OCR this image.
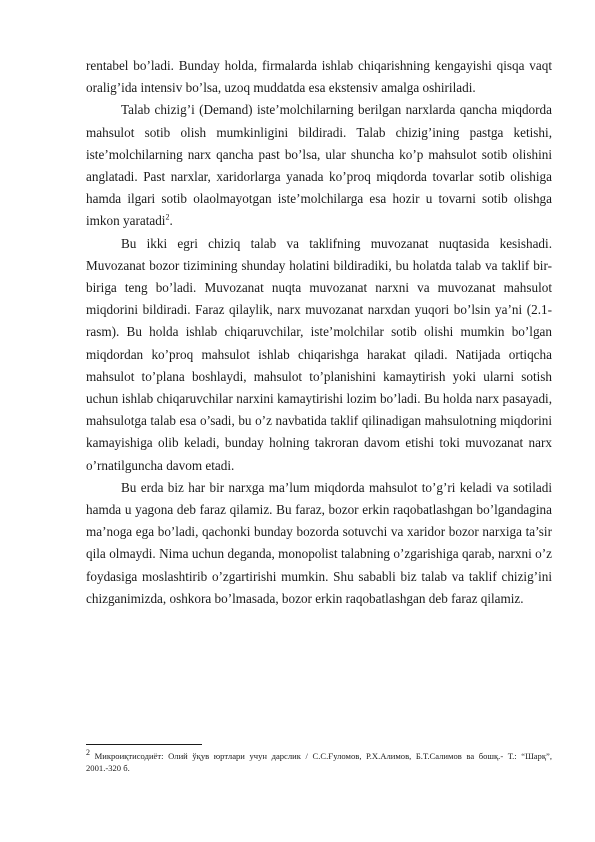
rentabel bo’ladi. Bunday holda, firmalarda ishlab chiqarishning kengayishi qisqa vaqt oralig’ida intensiv bo’lsa, uzoq muddatda esa ekstensiv amalga oshiriladi.

Talab chizig’i (Demand) iste’molchilarning berilgan narxlarda qancha miqdorda mahsulot sotib olish mumkinligini bildiradi. Talab chizig’ining pastga ketishi, iste’molchilarning narx qancha past bo’lsa, ular shuncha ko’p mahsulot sotib olishini anglatadi. Past narxlar, xaridorlarga yanada ko’proq miqdorda tovarlar sotib olishiga hamda ilgari sotib olaolmayotgan iste’molchilarga esa hozir u tovarni sotib olishga imkon yaratadi$^2$.

Bu ikki egri chiziq talab va taklifning muvozanat nuqtasida kesishadi. Muvozanat bozor tizimining shunday holatini bildiradiki, bu holatda talab va taklif bir-biriga teng bo’ladi. Muvozanat nuqta muvozanat narxni va muvozanat mahsulot miqdorini bildiradi. Faraz qilaylik, narx muvozanat narxdan yuqori bo’lsin ya’ni (2.1-rasm). Bu holda ishlab chiqaruvchilar, iste’molchilar sotib olishi mumkin bo’lgan miqdordan ko’proq mahsulot ishlab chiqarishga harakat qiladi. Natijada ortiqcha mahsulot to’plana boshlaydi, mahsulot to’planishini kamaytirish yoki ularni sotish uchun ishlab chiqaruvchilar narxini kamaytirishi lozim bo’ladi. Bu holda narx pasayadi, mahsulotga talab esa o’sadi, bu o’z navbatida taklif qilinadigan mahsulotning miqdorini kamayishiga olib keladi, bunday holning takroran davom etishi toki muvozanat narx o’rnatilguncha davom etadi.

Bu erda biz har bir narxga ma’lum miqdorda mahsulot to’g’ri keladi va sotiladi hamda u yagona deb faraz qilamiz. Bu faraz, bozor erkin raqobatlashgan bo’lgandagina ma’noga ega bo’ladi, qachonki bunday bozorda sotuvchi va xaridor bozor narxiga ta’sir qila olmaydi. Nima uchun deganda, monopolist talabning o’zgarishiga qarab, narxni o’z foydasiga moslashtirib o’zgartirishi mumkin. Shu sababli biz talab va taklif chizig’ini chizganimizda, oshkora bo’lmasada, bozor erkin raqobatlashgan deb faraz qilamiz.

$^2$ Микроиқтисодиёт: Олий ўқув юртлари учун дарслик / С.С.Ғуломов, Р.Х.Алимов, Б.Т.Салимов ва бошқ.- Т.: “Шарқ”, 2001.-320 б.
